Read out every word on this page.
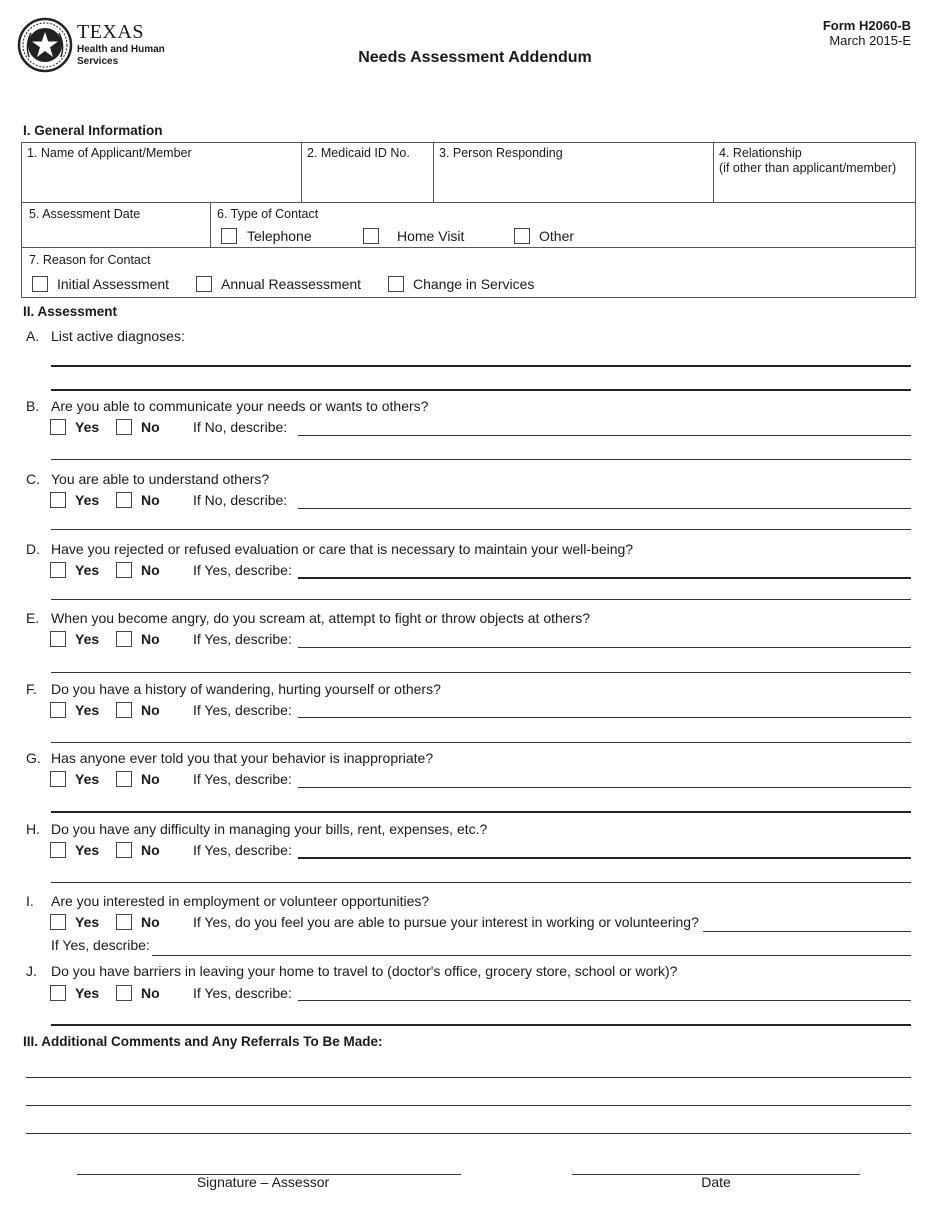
TEXAS
Health and Human
Services	Needs Assessment Addendum
Form H2060-B
March 2015-E
I. General Information
1. Name of Applicant/Member	2. Medicaid ID No.	3. Person Responding	4. Relationship
(if other than applicant/member)
5. Assessment Date	6. Type of Contact
Telephone	Home Visit	Other
7. Reason for Contact
Initial Assessment	Annual Reassessment	Change in Services
II. Assessment
A. List active diagnoses:
B. Are you able to communicate your needs or wants to others?
Yes	No If No, describe:
C. You are able to understand others?
Yes	No If No, describe:
D. Have you rejected or refused evaluation or care that is necessary to maintain your well-being?
Yes	No If Yes, describe:
E. When you become angry, do you scream at, attempt to fight or throw objects at others?
Yes	No If Yes, describe:
F. Do you have a history of wandering, hurting yourself or others?
Yes	No If Yes, describe:
G. Has anyone ever told you that your behavior is inappropriate?
Yes	No If Yes, describe:
H. Do you have any difficulty in managing your bills, rent, expenses, etc.?
Yes	No If Yes, describe:
I. Are you interested in employment or volunteer opportunities?
Yes	No If Yes, do you feel you are able to pursue your interest in working or volunteering?
If Yes, describe:
J. Do you have barriers in leaving your home to travel to (doctor's office, grocery store, school or work)?
Yes	No If Yes, describe:
III. Additional Comments and Any Referrals To Be Made:
Signature – Assessor	Date
